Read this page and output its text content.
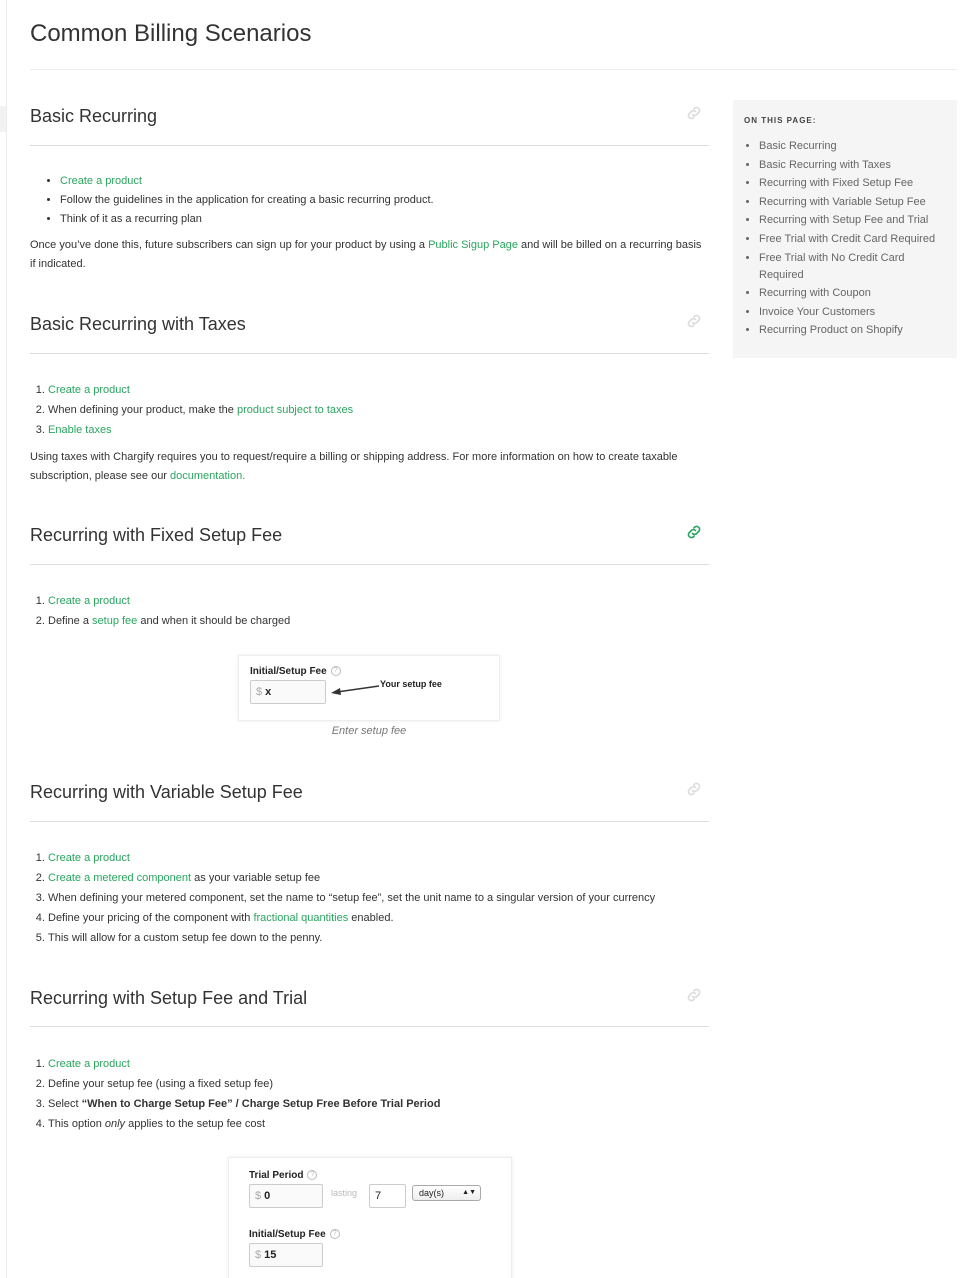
Common Billing Scenarios
Basic Recurring
• Create a product
• Follow the guidelines in the application for creating a basic recurring product.
• Think of it as a recurring plan

Once you’ve done this, future subscribers can sign up for your product by using a Public Sigup Page and will be billed on a recurring basis if indicated.

Basic Recurring with Taxes
1. Create a product
2. When defining your product, make the product subject to taxes
3. Enable taxes

Using taxes with Chargify requires you to request/require a billing or shipping address. For more information on how to create taxable subscription, please see our documentation.

Recurring with Fixed Setup Fee
1. Create a product
2. Define a setup fee and when it should be charged
Initial/Setup Fee ?
$ x
Your setup fee
Enter setup fee
Recurring with Variable Setup Fee
1. Create a product
2. Create a metered component as your variable setup fee
3. When defining your metered component, set the name to “setup fee”, set the unit name to a singular version of your currency
4. Define your pricing of the component with fractional quantities enabled.
5. This will allow for a custom setup fee down to the penny.
Recurring with Setup Fee and Trial
1. Create a product
2. Define your setup fee (using a fixed setup fee)
3. Select “When to Charge Setup Fee” / Charge Setup Free Before Trial Period
4. This option only applies to the setup fee cost
Trial Period ?
$ 0	lasting	7	day(s)	▲▼
Initial/Setup Fee ?
$ 15
ON THIS PAGE:
• Basic Recurring
• Basic Recurring with Taxes
• Recurring with Fixed Setup Fee
• Recurring with Variable Setup Fee
• Recurring with Setup Fee and Trial
• Free Trial with Credit Card Required
• Free Trial with No Credit Card Required
• Recurring with Coupon
• Invoice Your Customers
• Recurring Product on Shopify
